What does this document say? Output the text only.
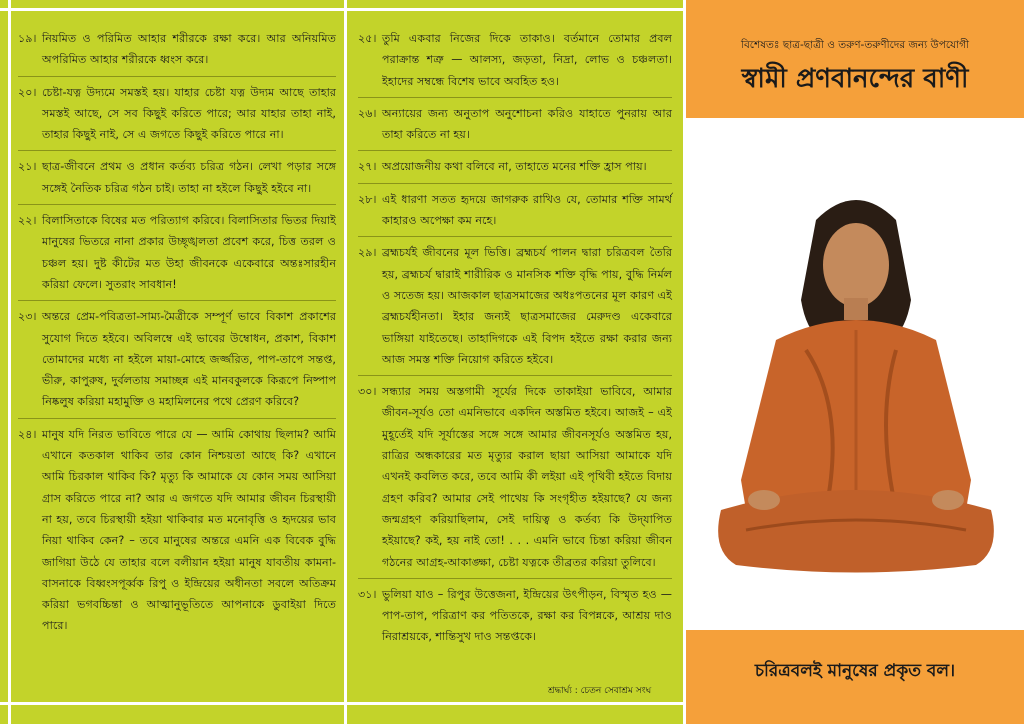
১৯। নিয়মিত ও পরিমিত আহার শরীরকে রক্ষা করে। আর অনিয়মিত অপরিমিত আহার শরীরকে ধ্বংস করে।
২০। চেষ্টা-যত্ন উদ্যমে সমস্তই হয়। যাহার চেষ্টা যত্ন উদ্যম আছে তাহার সমস্তই আছে, সে সব কিছুই করিতে পারে; আর যাহার তাহা নাই, তাহার কিছুই নাই, সে এ জগতে কিছুই করিতে পারে না।
২১। ছাত্র-জীবনে প্রথম ও প্রধান কর্তব্য চরিত্র গঠন। লেখা পড়ার সঙ্গে সঙ্গেই নৈতিক চরিত্র গঠন চাই। তাহা না হইলে কিছুই হইবে না।
২২। বিলাসিতাকে বিষের মত পরিত্যাগ করিবে। বিলাসিতার ভিতর দিয়াই মানুষের ভিতরে নানা প্রকার উচ্ছৃঙ্খলতা প্রবেশ করে, চিত্ত তরল ও চঞ্চল হয়। দুষ্ট কীটের মত উহা জীবনকে একেবারে অন্তঃসারহীন করিয়া ফেলে। সুতরাং সাবধান!
২৩। অন্তরে প্রেম-পবিত্রতা-সাম্য-মৈত্রীকে সম্পূর্ণ ভাবে বিকাশ প্রকাশের সুযোগ দিতে হইবে। অবিলম্বে এই ভাবের উম্বোধন, প্রকাশ, বিকাশ তোমাদের মধ্যে না হইলে মায়া-মোহে জর্জ্জরিত, পাপ-তাপে সন্তপ্ত, ভীরু, কাপুরুষ, দুর্বলতায় সমাচ্ছন্ন এই মানবকুলকে কিরূপে নিষ্পাপ নিষ্কলুষ করিয়া মহামুক্তি ও মহামিলনের পথে প্রেরণ করিবে?
২৪। মানুষ যদি নিরত ভাবিতে পারে যে — আমি কোথায় ছিলাম? আমি এখানে কতকাল থাকিব তার কোন নিশ্চয়তা আছে কি? এখানে আমি চিরকাল থাকিব কি? মৃত্যু কি আমাকে যে কোন সময় আসিয়া গ্রাস করিতে পারে না? আর এ জগতে যদি আমার জীবন চিরস্থায়ী না হয়, তবে চিরস্থায়ী হইয়া থাকিবার মত মনোবৃত্তি ও হৃদয়ের ভাব নিয়া থাকিব কেন? – তবে মানুষের অন্তরে এমনি এক বিবেক বুদ্ধি জাগিয়া উঠে যে তাহার বলে বলীয়ান হইয়া মানুষ যাবতীয় কামনা-বাসনাকে বিধ্বংসপূর্ব্বক রিপু ও ইন্দ্রিয়ের অধীনতা সবলে অতিক্রম করিয়া ভগবচ্চিন্তা ও আত্মানুভূতিতে আপনাকে ডুবাইয়া দিতে পারে।
২৫। তুমি একবার নিজের দিকে তাকাও। বর্তমানে তোমার প্রবল পরাক্রান্ত শত্রু — আলস্য, জড়তা, নিদ্রা, লোভ ও চঞ্চলতা। ইহাদের সম্বন্ধে বিশেষ ভাবে অবহিত হও।
২৬। অন্যায়ের জন্য অনুতাপ অনুশোচনা করিও যাহাতে পুনরায় আর তাহা করিতে না হয়।
২৭। অপ্রয়োজনীয় কথা বলিবে না, তাহাতে মনের শক্তি হ্রাস পায়।
২৮। এই ধারণা সতত হৃদয়ে জাগরুক রাখিও যে, তোমার শক্তি সামর্থ কাহারও অপেক্ষা কম নহে।
২৯। ব্রহ্মচর্যই জীবনের মূল ভিত্তি। ব্রহ্মচর্য পালন দ্বারা চরিত্রবল তৈরি হয়, ব্রহ্মচর্য দ্বারাই শারীরিক ও মানসিক শক্তি বৃদ্ধি পায়, বুদ্ধি নির্মল ও সতেজ হয়। আজকাল ছাত্রসমাজের অধঃপতনের মূল কারণ এই ব্রহ্মচর্যহীনতা। ইহার জন্যই ছাত্রসমাজের মেরুদণ্ড একেবারে ভাঙ্গিয়া যাইতেছে। তাহাদিগকে এই বিপদ হইতে রক্ষা করার জন্য আজ সমস্ত শক্তি নিয়োগ করিতে হইবে।
৩০। সন্ধ্যার সময় অস্তগামী সূর্যের দিকে তাকাইয়া ভাবিবে, আমার জীবন-সূর্যও তো এমনিভাবে একদিন অস্তমিত হইবে। আজই – এই মুহূর্তেই যদি সূর্যাস্তের সঙ্গে সঙ্গে আমার জীবনসূর্যও অস্তমিত হয়, রাত্রির অন্ধকারের মত মৃত্যুর করাল ছায়া আসিয়া আমাকে যদি এখনই কবলিত করে, তবে আমি কী লইয়া এই পৃথিবী হইতে বিদায় গ্রহণ করিব? আমার সেই পাথেয় কি সংগৃহীত হইয়াছে? যে জন্য জন্মগ্রহণ করিয়াছিলাম, সেই দায়িত্ব ও কর্তব্য কি উদ্‌যাপিত হইয়াছে? কই, হয় নাই তো! . . . এমনি ভাবে চিন্তা করিয়া জীবন গঠনের আগ্রহ-আকাঙ্ক্ষা, চেষ্টা যত্নকে তীব্রতর করিয়া তুলিবে।
৩১। ভুলিয়া যাও – রিপুর উত্তেজনা, ইন্দ্রিয়ের উৎপীড়ন, বিস্মৃত হও — পাপ-তাপ, পরিত্রাণ কর পতিতকে, রক্ষা কর বিপন্নকে, আশ্রয় দাও নিরাশ্রয়কে, শান্তিসুখ দাও সন্তপ্তকে।
শ্রদ্ধার্ঘ্য : চেতন সেবাশ্রম সংঘ
বিশেষতঃ ছাত্র-ছাত্রী ও তরুণ-তরুণীদের জন্য উপযোগী
স্বামী প্রণবানন্দের বাণী
চরিত্রবলই মানুষের প্রকৃত বল।
